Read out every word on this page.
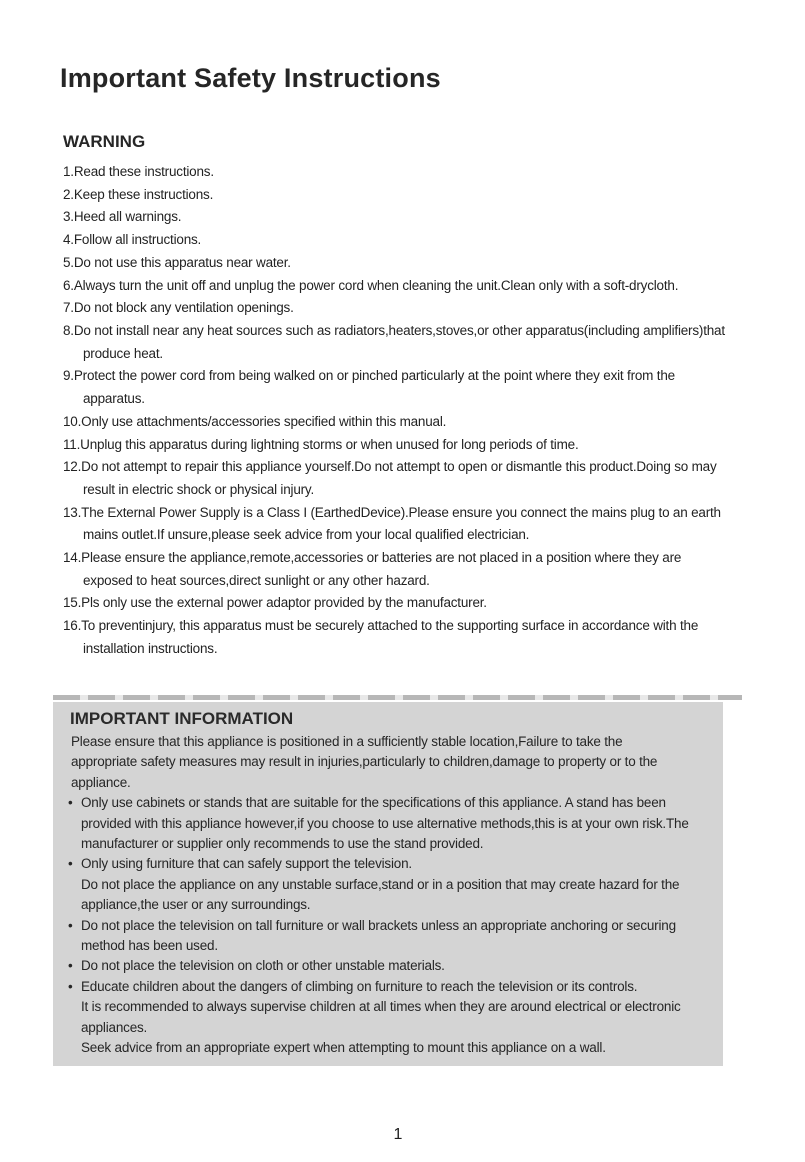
Important Safety Instructions
WARNING
1.Read these instructions.
2.Keep these instructions.
3.Heed all warnings.
4.Follow all instructions.
5.Do not use this apparatus near water.
6.Always turn the unit off and unplug the power cord when cleaning the unit.Clean only with a soft-drycloth.
7.Do not block any ventilation openings.
8.Do not install near any heat sources such as radiators,heaters,stoves,or other apparatus(including amplifiers)that produce heat.
9.Protect the power cord from being walked on or pinched particularly at the point where they exit from the apparatus.
10.Only use attachments/accessories specified within this manual.
11.Unplug this apparatus during lightning storms or when unused for long periods of time.
12.Do not attempt to repair this appliance yourself.Do not attempt to open or dismantle this product.Doing so may result in electric shock or physical injury.
13.The External Power Supply is a Class I (EarthedDevice).Please ensure you connect the mains plug to an earth mains outlet.If unsure,please seek advice from your local qualified electrician.
14.Please ensure the appliance,remote,accessories or batteries are not placed in a position where they are exposed to heat sources,direct sunlight or any other hazard.
15.Pls only use the external power adaptor provided by the manufacturer.
16.To preventinjury, this apparatus must be securely attached to the supporting surface in accordance with the installation instructions.
IMPORTANT INFORMATION

Please ensure that this appliance is positioned in a sufficiently stable location,Failure to take the appropriate safety measures may result in injuries,particularly to children,damage to property or to the appliance.

• Only use cabinets or stands that are suitable for the specifications of this appliance. A stand has been provided with this appliance however,if you choose to use alternative methods,this is at your own risk.The manufacturer or supplier only recommends to use the stand provided.

• Only using furniture that can safely support the television.

Do not place the appliance on any unstable surface,stand or in a position that may create hazard for the appliance,the user or any surroundings.

• Do not place the television on tall furniture or wall brackets unless an appropriate anchoring or securing method has been used.

• Do not place the television on cloth or other unstable materials.

• Educate children about the dangers of climbing on furniture to reach the television or its controls.

It is recommended to always supervise children at all times when they are around electrical or electronic appliances.

Seek advice from an appropriate expert when attempting to mount this appliance on a wall.

1
